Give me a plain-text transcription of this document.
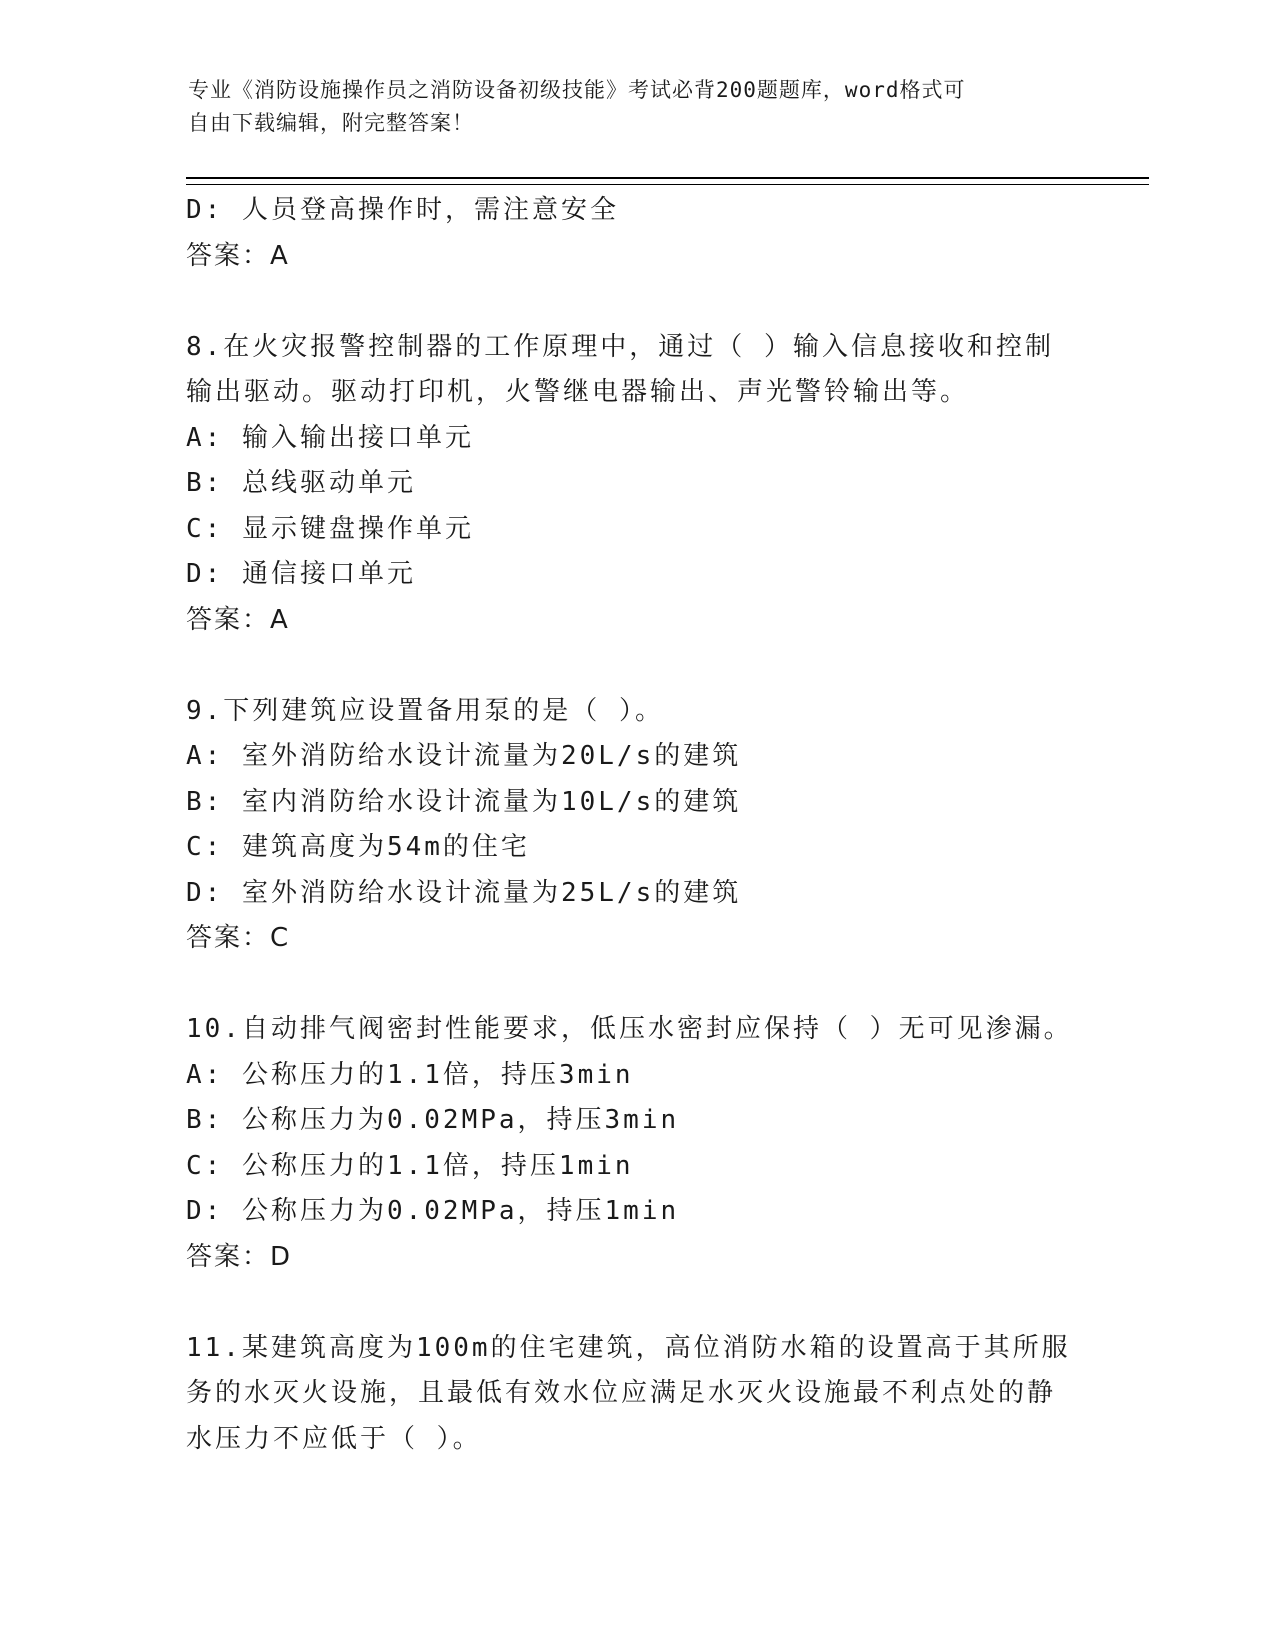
专业《消防设施操作员之消防设备初级技能》考试必背200题题库，word格式可
自由下载编辑，附完整答案！
D: 人员登高操作时，需注意安全
答案：A
8.在火灾报警控制器的工作原理中，通过（ ）输入信息接收和控制
输出驱动。驱动打印机，火警继电器输出、声光警铃输出等。
A: 输入输出接口单元
B: 总线驱动单元
C: 显示键盘操作单元
D: 通信接口单元
答案：A
9.下列建筑应设置备用泵的是（ ）。
A: 室外消防给水设计流量为20L/s的建筑
B: 室内消防给水设计流量为10L/s的建筑
C: 建筑高度为54m的住宅
D: 室外消防给水设计流量为25L/s的建筑
答案：C
10.自动排气阀密封性能要求，低压水密封应保持（ ）无可见渗漏。
A: 公称压力的1.1倍，持压3min
B: 公称压力为0.02MPa，持压3min
C: 公称压力的1.1倍，持压1min
D: 公称压力为0.02MPa，持压1min
答案：D
11.某建筑高度为100m的住宅建筑，高位消防水箱的设置高于其所服
务的水灭火设施，且最低有效水位应满足水灭火设施最不利点处的静
水压力不应低于（ ）。
